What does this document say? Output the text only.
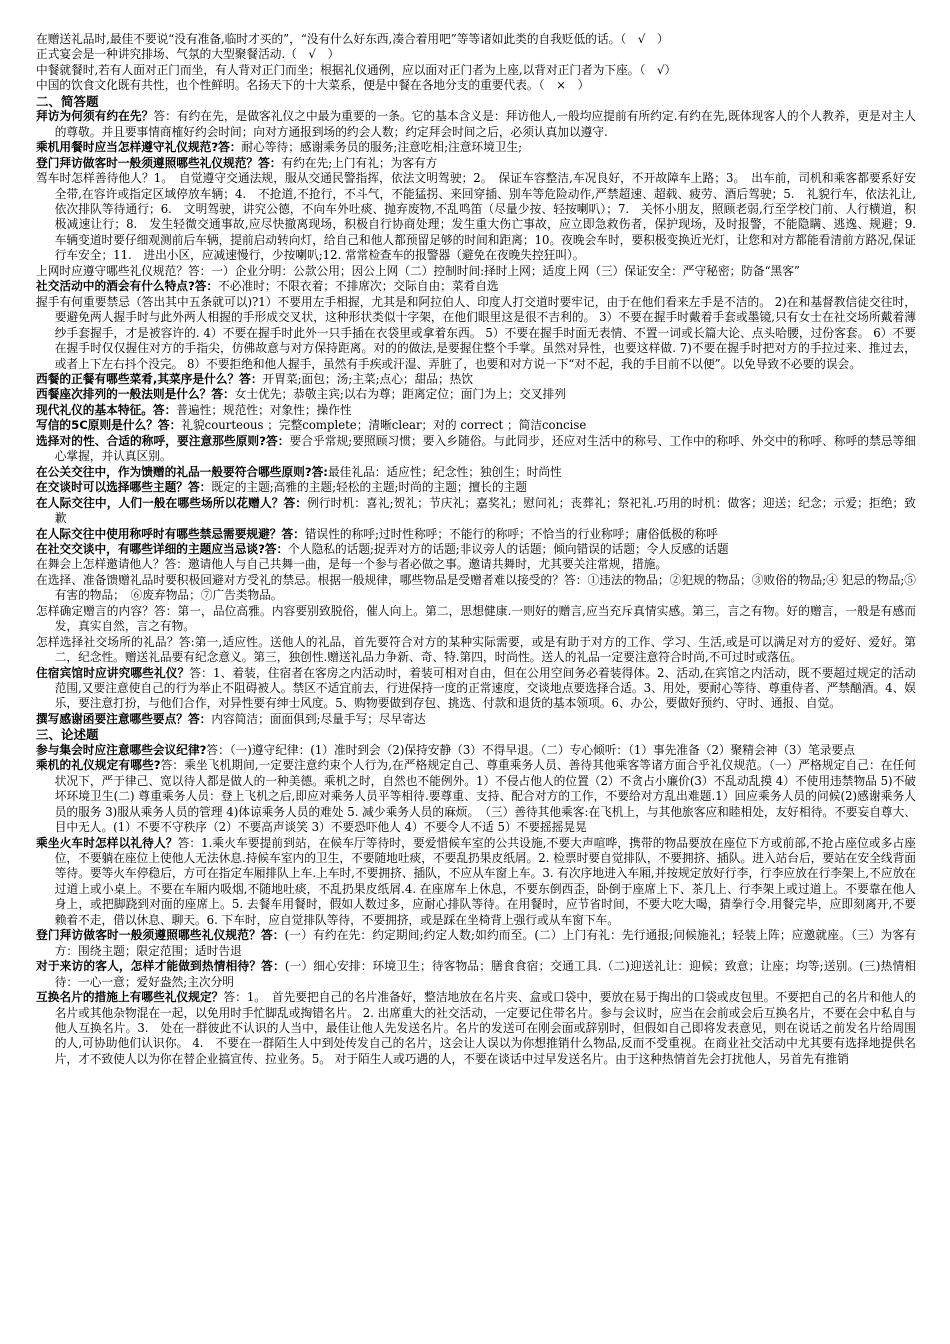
在赠送礼品时,最佳不要说“没有准备,临时才买的”，“没有什么好东西,凑合着用吧”等等诸如此类的自我贬低的话。（　√　）

正式宴会是一种讲究排场、气氛的大型聚餐活动.（　√　）

中餐就餐时,若有人面对正门而坐，有人背对正门而坐；根据礼仪通例，应以面对正门者为上座,以背对正门者为下座。（　√）

中国的饮食文化既有共性，也个性鲜明。名扬天下的十大菜系，便是中餐在各地分支的重要代表。（　×　）

二、简答题

拜访为何须有约在先？答：有约在先，是做客礼仪之中最为重要的一条。它的基本含义是：拜访他人,一般均应提前有所约定.有约在先,既体现客人的个人教养，更是对主人的尊敬。并且要事情商榷好约会时间；向对方通报到场的约会人数；约定拜会时间之后，必须认真加以遵守.

乘机用餐时应当怎样遵守礼仪规范?答：耐心等待；感谢乘务员的服务;注意吃相;注意环境卫生;

登门拜访做客时一般须遵照哪些礼仪规范？答：有约在先;上门有礼；为客有方

驾车时怎样善待他人？1。　自觉遵守交通法规，服从交通民警指挥，依法文明驾驶；2。　保证车容整洁,车况良好，不开故障车上路；3。　出车前，司机和乘客都要系好安全带,在容许或指定区域停放车辆；4.　不抢道,不抢行，不斗气，不能猛拐、来回穿插、别车等危险动作,严禁超速、超载、疲劳、酒后驾驶；5.　礼貌行车，依法礼让,依次排队等待通行；6.　文明驾驶，讲究公德，不向车外吐痰、抛弃废物,不乱鸣笛（尽量少按、轻按喇叭）；7.　关怀小朋友，照顾老弱,行至学校门前、人行横道，积极减速让行；8.　发生轻微交通事故,应尽快撤离现场，积极自行协商处理；发生重大伤亡事故，应立即急救伤者，保护现场，及时报警，不能隐瞒、逃逸、规避；9.　车辆变道时要仔细观测前后车辆，提前启动转向灯，给自己和他人都预留足够的时间和距离；10。夜晚会车时，要积极变换近光灯，让您和对方都能看清前方路况,保证行车安全；11.　进出小区，应减速慢行，少按喇叭;12. 常常检查车的报警器（避免在夜晚失控狂叫）。

上网时应遵守哪些礼仪规范？答：一）企业分明：公款公用；因公上网（二）控制时间:择时上网；适度上网（三）保证安全：严守秘密；防备“黑客”

社交活动中的酒会有什么特点?答：不必准时；不限衣着；不排席次；交际自由；菜肴自选

握手有何重要禁忌（答出其中五条就可以)?1）不要用左手相握，尤其是和阿拉伯人、印度人打交道时要牢记，由于在他们看来左手是不洁的。 2)在和基督教信徒交往时，要避免两人握手时与此外两人相握的手形成交叉状，这种形状类似十字架，在他们眼里这是很不吉利的。 3）不要在握手时戴着手套或墨镜,只有女士在社交场所戴着薄纱手套握手，才是被容许的. 4）不要在握手时此外一只手插在衣袋里或拿着东西。 5）不要在握手时面无表情、不置一词或长篇大论、点头哈腰，过份客套。 6）不要在握手时仅仅握住对方的手指尖，仿佛故意与对方保持距离。对的的做法,是要握住整个手掌。虽然对异性，也要这样做. 7)不要在握手时把对方的手拉过来、推过去，或者上下左右抖个没完。 8）不要拒绝和他人握手，虽然有手疾或汗湿、弄脏了，也要和对方说一下“对不起，我的手目前不以便”。以免导致不必要的误会。

西餐的正餐有哪些菜肴,其菜序是什么？答：开胃菜;面包；汤;主菜;点心；甜品；热饮

西餐座次排列的一般法则是什么？答：女士优先；恭敬主宾;以右为尊；距离定位；面门为上；交叉排列

现代礼仪的基本特征。答：普遍性；规范性；对象性；操作性

写信的5C原则是什么？答：礼貌courteous ；完整complete；清晰clear；对的 correct ；简洁concise

选择对的性、合适的称呼，要注意那些原则?答：要合乎常规;要照顾习惯；要入乡随俗。与此同步，还应对生活中的称号、工作中的称呼、外交中的称呼、称呼的禁忌等细心掌握，并认真区别。

在公关交往中，作为馈赠的礼品一般要符合哪些原则?答:最佳礼品：适应性；纪念性；独创生；时尚性

在交谈时可以选择哪些主题？答：既定的主题;高雅的主题;轻松的主题;时尚的主题；擅长的主题

在人际交往中，人们一般在哪些场所以花赠人？答：例行时机：喜礼;贺礼；节庆礼；嘉奖礼；慰问礼；丧葬礼；祭祀礼.巧用的时机：做客；迎送；纪念；示爱；拒绝；致歉

在人际交往中使用称呼时有哪些禁忌需要规避？答：错误性的称呼;过时性称呼；不能行的称呼；不恰当的行业称呼；庸俗低极的称呼

在社交交谈中，有哪些详细的主题应当忌谈?答：个人隐私的话题;捉弄对方的话题;非议旁人的话题；倾向错误的话题；令人反感的话题

在舞会上怎样邀请他人？答：邀请他人与自己共舞一曲，是每一个参与者必做之事。邀请共舞时，尤其要关注常规，措施。

在选择、准备馈赠礼品时要积极回避对方受礼的禁忌。根据一般规律，哪些物品是受赠者难以接受的？答：①违法的物品；②犯规的物品；③败俗的物品;④ 犯忌的物品;⑤ 有害的物品；　⑥废弃物品；⑦广告类物品。

怎样确定赠言的内容？答：第一，品位高雅。内容要别致脱俗，催人向上。第二，思想健康.一则好的赠言,应当充斥真情实感。第三，言之有物。好的赠言，一般是有感而发，真实自然，言之有物。

怎样选择社交场所的礼品？答:第一,适应性。送他人的礼品，首先要符合对方的某种实际需要，或是有助于对方的工作、学习、生活,或是可以满足对方的爱好、爱好。第二，纪念性。赠送礼品要有纪念意义。第三，独创性.赠送礼品力争新、奇、特.第四，时尚性。送人的礼品一定要注意符合时尚,不可过时或落伍。

住宿宾馆时应讲究哪些礼仪？答：1、着装，住宿者在客房之内活动时，着装可相对自由，但在公用空间务必着装得体。2、活动,在宾馆之内活动，既不要超过规定的活动范围,又要注意使自己的行为举止不阻碍被人。禁区不适宜前去，行进保持一度的正常速度，交谈地点要选择合适。3、用处，要耐心等待、尊重侍者、严禁酗酒。4、娱乐，要注意打扮，与他们合作，对异性要有绅士风度。5、购物要做到存包、挑选、付款和退货的基本领项。6、办公，要做好预约、守时、通报、自觉。

撰写感谢函要注意哪些要点？答：内容简洁；面面俱到;尽量手写；尽早寄达

三、论述题

参与集会时应注意哪些会议纪律?答：（一)遵守纪律：(1）准时到会（2)保持安静（3）不得早退。（二）专心倾听：（1）事先准备（2）聚精会神（3）笔录要点

乘机的礼仪规定有哪些?答：乘坐飞机期间,一定要注意约束个人行为,在严格规定自己、尊重乘务人员、善待其他乘客等诸方面合乎礼仪规范。（一）严格规定自己：在任何状况下，严于律己、宽以待人都是做人的一种美德。乘机之时，自然也不能例外。1）不侵占他人的位置（2）不贪占小廉价(3）不乱动乱摸 4）不使用违禁物品 5)不破坏环境卫生(二) 尊重乘务人员：登上飞机之后,即应对乘务人员平等相待.要尊重、支持、配合对方的工作，不要给对方乱出难题.1）回应乘务人员的问候(2)感谢乘务人员的服务 3)服从乘务人员的管理 4)体谅乘务人员的难处 5. 减少乘务人员的麻烦。　（三）善待其他乘客:在飞机上，与其他旅客应和睦相处，友好相待。不要妄自尊大、目中无人。(1）不要不守秩序（2）不要高声谈笑 3）不要恐吓他人 4）不要令人不适 5）不要摇摇晃晃

乘坐火车时怎样以礼待人？答：1.乘火车要提前到站，在候车厅等待时，要爱惜候车室的公共设施,不要大声喧哗，携带的物品要放在座位下方或前部,不抢占座位或多占座位，不要躺在座位上使他人无法休息.持候车室内的卫生，不要随地吐痰，不要乱扔果皮纸屑。2. 检票时要自觉排队，不要拥挤、插队。进入站台后，要站在安全线背面等待。要等火车停稳后，方可在指定车厢排队上车.上车时,不要拥挤、插队，不应从车窗上车。3. 有次序地进入车厢,并按规定放好行李，行李应放在行李架上,不应放在过道上或小桌上。不要在车厢内吸烟,不随地吐痰，不乱扔果皮纸屑.4. 在座席车上休息，不要东倒西歪，卧倒于座席上下、茶几上、行李架上或过道上。不要靠在他人身上，或把脚跷到对面的座席上。5. 去餐车用餐时，假如人数过多，应耐心排队等待。在用餐时，应节省时间，不要大吃大喝，猜拳行令.用餐完毕，应即刻离开,不要赖着不走，借以休息、聊天。6. 下车时，应自觉排队等待，不要拥挤，或是踩在坐椅背上强行或从车窗下车。

登门拜访做客时一般须遵照哪些礼仪规范？答：(一）有约在先：约定期间;约定人数;如约而至。(二）上门有礼：先行通报;问候施礼；轻装上阵；应邀就座。（三）为客有方：围绕主题；限定范围；适时告退

对于来访的客人，怎样才能做到热情相待？答：(一）细心安排：环境卫生；待客物品；膳食食宿；交通工具.（二)迎送礼让：迎候；致意；让座；均等;送别。(三)热情相待：一心一意；爱好盎然;主次分明

互换名片的措施上有哪些礼仪规定？答：1。　首先要把自己的名片准备好，整洁地放在名片夹、盒或口袋中，要放在易于掏出的口袋或皮包里。不要把自己的名片和他人的名片或其他杂物混在一起，以免用时手忙脚乱或掏错名片。 2. 出席重大的社交活动，一定要记住带名片。参与会议时，应当在会前或会后互换名片，不要在会中私自与他人互换名片。3.　处在一群彼此不认识的人当中，最佳让他人先发送名片。名片的发送可在刚会面或辞别时，但假如自己即将发表意见，则在说话之前发名片给周围的人,可协助他们认识你。 4.　不要在一群陌生人中到处传发自己的名片，这会让人误以为你想推销什么物品,反而不受重视。在商业社交活动中尤其要有选择地提供名片，才不致使人以为你在替企业搞宣传、拉业务。5。 对于陌生人或巧遇的人，不要在谈话中过早发送名片。由于这种热情首先会打扰他人，另首先有推销
